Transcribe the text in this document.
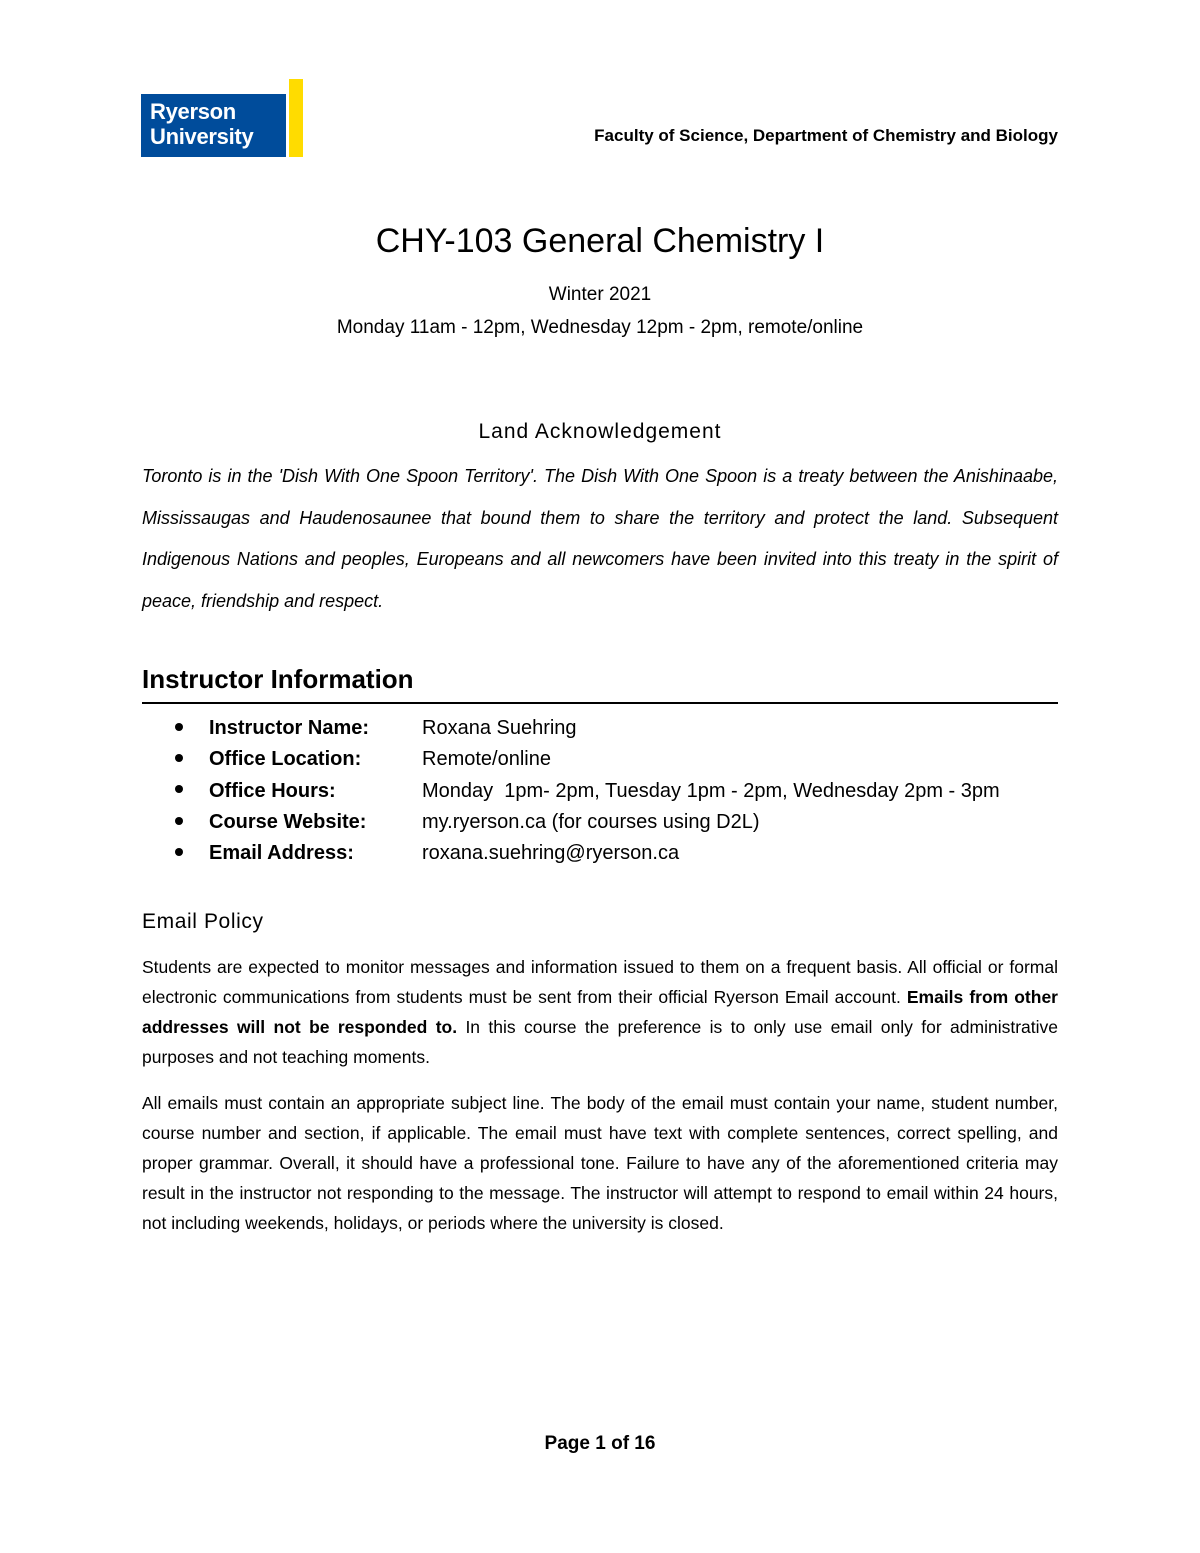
Ryerson
University	Faculty of Science, Department of Chemistry and Biology
CHY-103 General Chemistry I
Winter 2021
Monday 11am - 12pm, Wednesday 12pm - 2pm, remote/online
Land Acknowledgement

Toronto is in the 'Dish With One Spoon Territory'. The Dish With One Spoon is a treaty between the Anishinaabe, Mississaugas and Haudenosaunee that bound them to share the territory and protect the land. Subsequent Indigenous Nations and peoples, Europeans and all newcomers have been invited into this treaty in the spirit of peace, friendship and respect.

Instructor Information
Instructor Name:	Roxana Suehring
Office Location:	Remote/online
Office Hours:	Monday  1pm- 2pm, Tuesday 1pm - 2pm, Wednesday 2pm - 3pm
Course Website:	my.ryerson.ca (for courses using D2L)
Email Address:	roxana.suehring@ryerson.ca
Email Policy

Students are expected to monitor messages and information issued to them on a frequent basis. All official or formal electronic communications from students must be sent from their official Ryerson Email account. Emails from other addresses will not be responded to. In this course the preference is to only use email only for administrative purposes and not teaching moments.

All emails must contain an appropriate subject line. The body of the email must contain your name, student number, course number and section, if applicable. The email must have text with complete sentences, correct spelling, and proper grammar. Overall, it should have a professional tone. Failure to have any of the aforementioned criteria may result in the instructor not responding to the message. The instructor will attempt to respond to email within 24 hours, not including weekends, holidays, or periods where the university is closed.

Page 1 of 16
